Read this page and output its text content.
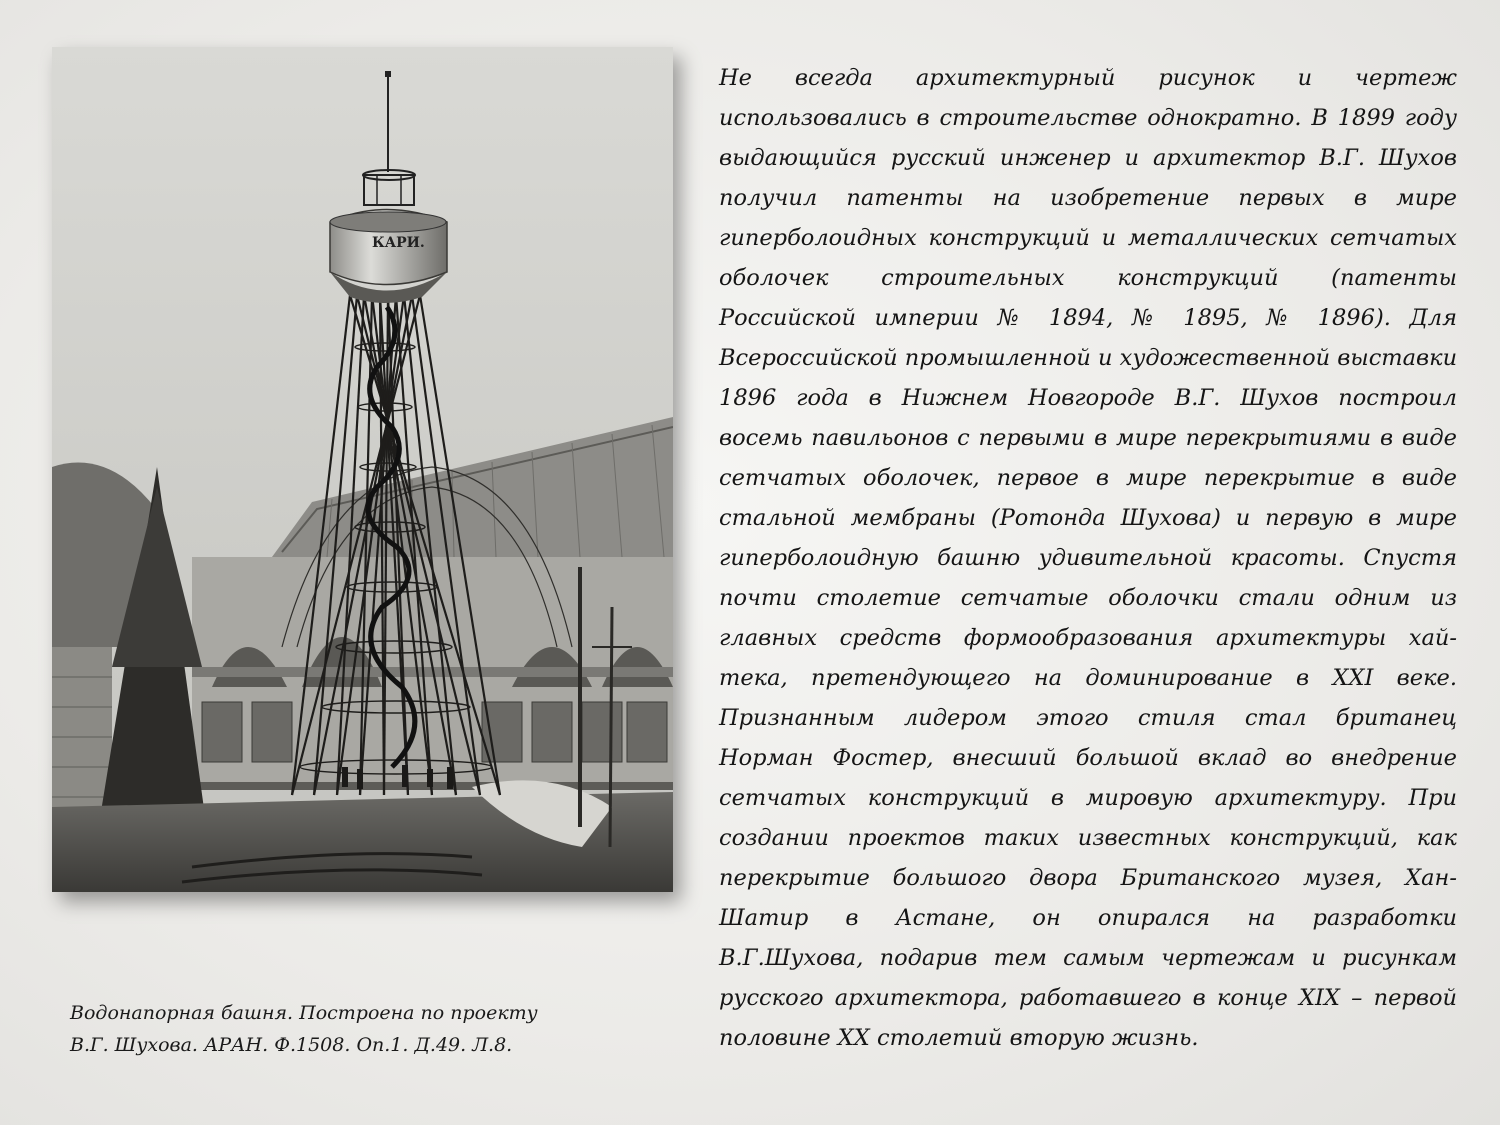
КАРИ.
Водонапорная башня. Построена по проекту
В.Г. Шухова. АРАН. Ф.1508. Оп.1. Д.49. Л.8.
Не всегда архитектурный рисунок и чертеж
использовались в строительстве однократно. В 1899 году
выдающийся русский инженер и архитектор В.Г. Шухов
получил патенты на изобретение первых в мире
гиперболоидных конструкций и металлических сетчатых
оболочек строительных конструкций (патенты
Российской империи № 1894, № 1895, № 1896). Для
Всероссийской промышленной и художественной выставки
1896 года в Нижнем Новгороде В.Г. Шухов построил
восемь павильонов с первыми в мире перекрытиями в виде
сетчатых оболочек, первое в мире перекрытие в виде
стальной мембраны (Ротонда Шухова) и первую в мире
гиперболоидную башню удивительной красоты. Спустя
почти столетие сетчатые оболочки стали одним из
главных средств формообразования архитектуры хай-
тека, претендующего на доминирование в XXI веке.
Признанным лидером этого стиля стал британец
Норман Фостер, внесший большой вклад во внедрение
сетчатых конструкций в мировую архитектуру. При
создании проектов таких известных конструкций, как
перекрытие большого двора Британского музея, Хан-
Шатир в Астане, он опирался на разработки
В.Г.Шухова, подарив тем самым чертежам и рисункам
русского архитектора, работавшего в конце XIX – первой
половине XX столетий вторую жизнь.
